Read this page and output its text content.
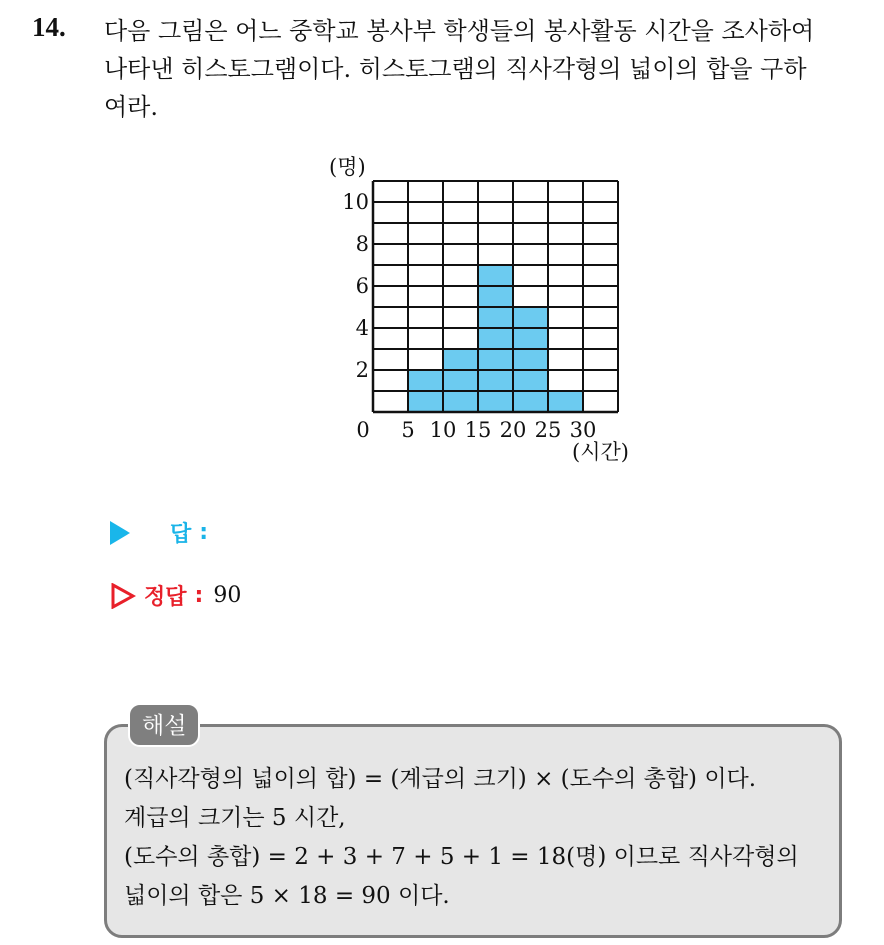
14. 다음 그림은 어느 중학교 봉사부 학생들의 봉사활동 시간을 조사하여
나타낸 히스토그램이다. 히스토그램의 직사각형의 넓이의 합을 구하
여라.
2
4
6
8
10
0 5 10 15 20 25 30
(명)
(시간)
답 :
정답 : 90
해설
(직사각형의 넓이의 합) = (계급의 크기) × (도수의 총합) 이다.
계급의 크기는 5 시간,
(도수의 총합) = 2 + 3 + 7 + 5 + 1 = 18(명) 이므로 직사각형의
넓이의 합은 5 × 18 = 90 이다.
